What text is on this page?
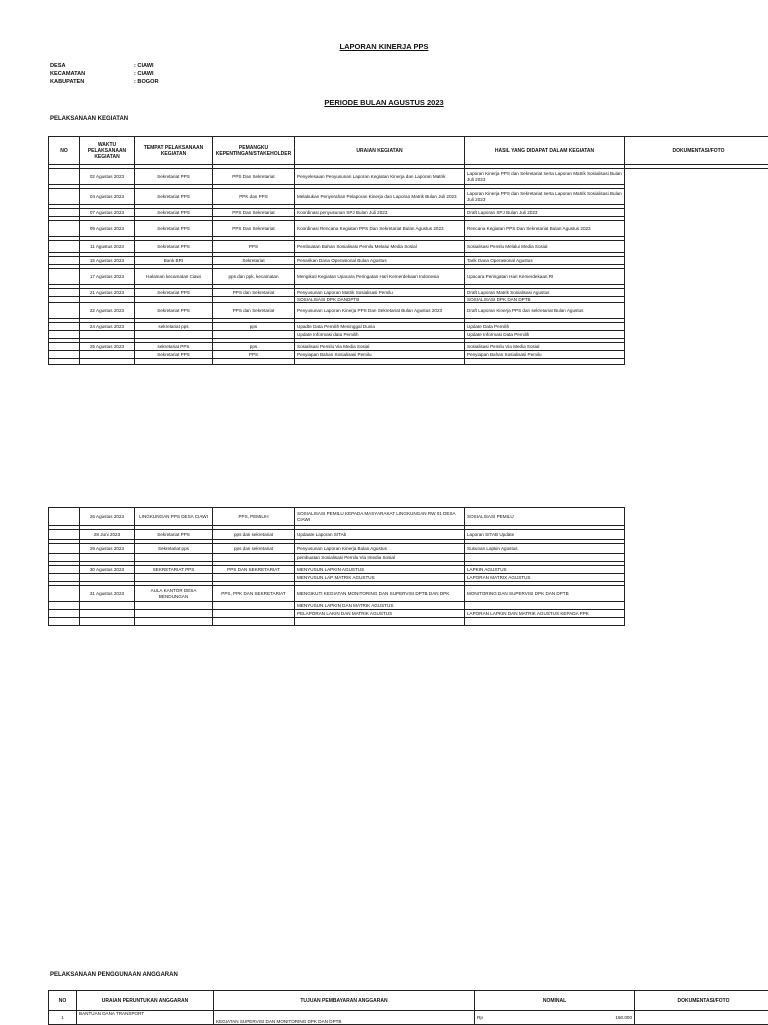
LAPORAN KINERJA PPS
DESA	: CIAWI
KECAMATAN	: CIAWI
KABUPATEN	: BOGOR
PERIODE BULAN AGUSTUS 2023
PELAKSANAAN KEGIATAN
NO	WAKTU PELAKSANAAN KEGIATAN	TEMPAT PELAKSANAAN KEGIATAN	PEMANGKU KEPENTINGAN/STAKEHOLDER	URAIAN KEGIATAN	HASIL YANG DIDAPAT DALAM KEGIATAN	DOKUMENTASI/FOTO

	02 Agustus 2023	Sekretariat PPS	PPS Dan Sekretariat	Penyelesaian Penyusunan Laporan Kegiatan Kinerja dan Laporan Matrik	Laporan Kinerja PPS dan Sekretariat serta Laporan Matrik Sosialisasi Bulan Juli 2023	

	04 Agustus 2023	Sekretariat PPS	PPK dan PPS	Melakukan Penyerahan Pelaporan Kinerja dan Laporan Matrik Bulan Juli 2023	Laporan Kinerja PPS dan Sekretariat serta Laporan Matrik Sosialisasi Bulan Juli 2023	

	07 Agustus 2023	Sekretariat PPS	PPS Dan Sekretariat	Koordinasi penyusunan SPJ Bulan Juli 2023	Draft Laporan SPJ Bulan Juli 2023	

	09 Agustus 2023	Sekretariat PPS	PPS Dan Sekretariat	Koordinasi Rencana Kegiatan PPS Dan Sekretariat Bulan Agustus 2023	Rencana Kegiatan PPS Dan Sekretariat Bulan Agustus 2023	

	11 Agustus 2023	Sekretariat PPS	PPS	Pembuatan Bahan Sosialisasi Pemilu Melalui Media Sosial	Sosialisasi Pemilu Melalui Media Sosial	

	15 Agustus 2023	Bank BRI	Sekretariat	Penarikan Dana Operasional Bulan Agustus	Tarik Dana Operasional Agustus	

	17 Agustus 2023	Halaman kecamatan Ciawi	pps dan ppk, kecamatan	Mengikuti Kegiatan Upacara Peringatan Hari Kemerdekaan Indonesia	Upacara Peringatan Hari Kemerdekaan RI	

	21 Agustus 2023	Sekretariat PPS	PPS dan Sekretariat	Penyusunan Laporan Matrik Sosialisasi Pemilu	Draft Laporan Matrik Sosialisasi Agustus	
				SOSIALISASI DPK DANDPTB	SOSIALISASI DPK DAN DPTB	

	22 Agustus 2023	Sekretariat PPS	PPS dan Sekretariat	Penyusunan Laporan Kinerja PPS Dan Sekretariat Bulan Agustus 2023	Draft Laporan Kinerja PPS dan sekretariat Bulan Agustus	

	24 Agustus 2023	sekretariat pps	pps	Upadte Data Pemilih Meninggal Dunia	Update Data Pemilih	

				Update Informasi data Pemilih	Update Informasi Data Pemilih	

	25 Agustus 2023	sekretariat PPS	pps	Sosialisasi Pemilu Via Media Sosial	Sosialisasi Pemilu Via Media Sosial	

		Sekretariat PPS	PPS	Penyiapan Bahan Sosialisasi Pemilu	Penyiapan Bahan Sosialisasi Pemilu	

	26 Agustus 2023	LINGKUNGAN PPS DESA CIAWI	PPS, PEMILIH	SOSIALISASI PEMILU KEPADA MASYARAKAT LINGKUNGAN RW 01 DESA CIAWI	SOSIALISASI PEMILU	

	28 Juni 2023	Sekretariat PPS	pps dan sekretariat	Updaate Laporan SITAb	Laporan SITAB Update	

	29 Agustus 2023	Sekretariat pps	pps dan sekretariat	Penyusunan Laporan Kinerja Bulan Agustus	Susunan Lapkin Agustus	
				pembuatan Sosialisasi Pemilu Via Imedia Sosial		

	30 Agustus 2023	SEKRETARIAT PPS	PPS DAN SEKRETARIAT	MENYUSUN LAPKIN AGUSTUS	LAPKIN AGUSTUS	
				MENYUSUN LAP MATRIK AGUSTUS	LAPORAN MATRIX AGUSTUS	

	31 Agustus 2023	AULA KANTOR DESA BENDUNGAN	PPS, PPK DAN SEKRETARIAT	MENGIKUTI KEGIATAN MONITORING DAN SUPERVISI DPTB DAN DPK	MONITORING DAN SUPERVISI DPK DAN DPTB	
				MENYUSUN LAPKIN DAN MATRIK AGUSTUS		

				PELAPORAN LAKIN DAN MATRIK AGUSTUS	LAPORAN LAPKIN DAN MATRIK AGUSTUS KEPADA PPK	

PELAKSANAAN PENGGUNAAN ANGGARAN
NO	URAIAN PERUNTUKAN ANGGARAN	TUJUAN PEMBAYARAN ANGGARAN	NOMINAL	DOKUMENTASI/FOTO
1	BANTUAN DANA TRANSPORT	KEGIATAN SUPERVISI DAN MONITORING DPK DAN DPTB	Rp 150.000	
